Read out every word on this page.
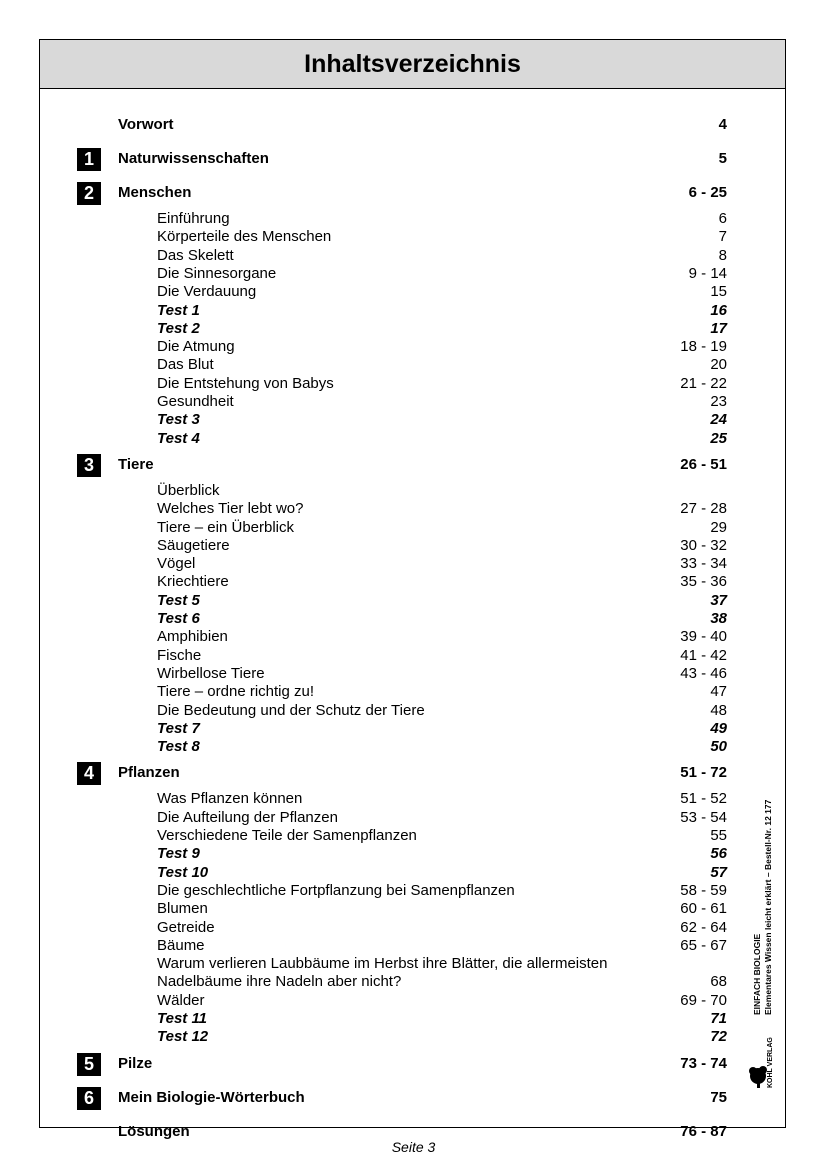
Inhaltsverzeichnis
Vorwort	4
1	Naturwissenschaften	5
2	Menschen	6 - 25
Einführung	6
Körperteile des Menschen	7
Das Skelett	8
Die Sinnesorgane	9 - 14
Die Verdauung	15
Test 1	16
Test 2	17
Die Atmung	18 - 19
Das Blut	20
Die Entstehung von Babys	21 - 22
Gesundheit	23
Test 3	24
Test 4	25
3	Tiere	26 - 51
Überblick
Welches Tier lebt wo?	27 - 28
Tiere – ein Überblick	29
Säugetiere	30 - 32
Vögel	33 - 34
Kriechtiere	35 - 36
Test 5	37
Test 6	38
Amphibien	39 - 40
Fische	41 - 42
Wirbellose Tiere	43 - 46
Tiere – ordne richtig zu!	47
Die Bedeutung und der Schutz der Tiere	48
Test 7	49
Test 8	50
4	Pflanzen	51 - 72
Was Pflanzen können	51 - 52
Die Aufteilung der Pflanzen	53 - 54
Verschiedene Teile der Samenpflanzen	55
Test 9	56
Test 10	57
Die geschlechtliche Fortpflanzung bei Samenpflanzen	58 - 59
Blumen	60 - 61
Getreide	62 - 64
Bäume	65 - 67
Warum verlieren Laubbäume im Herbst ihre Blätter, die allermeisten
Nadelbäume ihre Nadeln aber nicht?	68
Wälder	69 - 70
Test 11	71
Test 12	72
5	Pilze	73 - 74
6	Mein Biologie-Wörterbuch	75
Lösungen	76 - 87
EINFACH BIOLOGIE Elementares Wissen leicht erklärt – Bestell-Nr. 12 177
KOHL VERLAG
Seite 3
